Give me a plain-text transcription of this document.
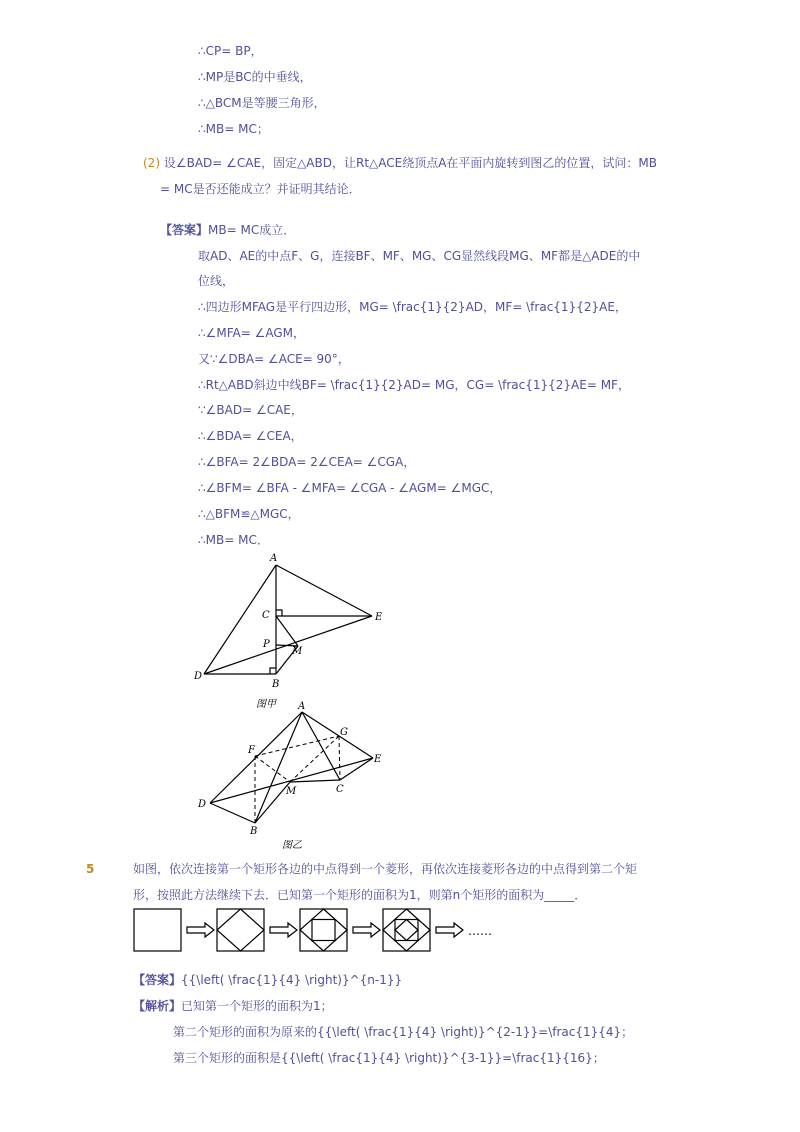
∴CP= BP，
∴MP是BC的中垂线，
∴△BCM是等腰三角形，
∴MB= MC；
(2) 设∠BAD= ∠CAE，固定△ABD，让Rt△ACE绕顶点A在平面内旋转到图乙的位置，试问：MB
= MC是否还能成立？并证明其结论．
【答案】MB= MC成立．
取AD、AE的中点F、G，连接BF、MF、MG、CG显然线段MG、MF都是△ADE的中
位线，
∴四边形MFAG是平行四边形，MG= \frac{1}{2}AD，MF= \frac{1}{2}AE，
∴∠MFA= ∠AGM，
又∵∠DBA= ∠ACE= 90°，
∴Rt△ABD斜边中线BF= \frac{1}{2}AD= MG，CG= \frac{1}{2}AE= MF，
∵∠BAD= ∠CAE，
∴∠BDA= ∠CEA，
∴∠BFA= 2∠BDA= 2∠CEA= ∠CGA，
∴∠BFM= ∠BFA - ∠MFA= ∠CGA - ∠AGM= ∠MGC，
∴△BFM≌△MGC，
∴MB= MC．
A
C	E
P
M
D
B
图甲 A
F
G
E
M	C
D
B
图乙
5	如图，依次连接第一个矩形各边的中点得到一个菱形，再依次连接菱形各边的中点得到第二个矩
形，按照此方法继续下去．已知第一个矩形的面积为1，则第n个矩形的面积为_____．
……
【答案】{{\left( \frac{1}{4} \right)}^{n-1}}
【解析】已知第一个矩形的面积为1；
第二个矩形的面积为原来的{{\left( \frac{1}{4} \right)}^{2-1}}=\frac{1}{4}；
第三个矩形的面积是{{\left( \frac{1}{4} \right)}^{3-1}}=\frac{1}{16}；
